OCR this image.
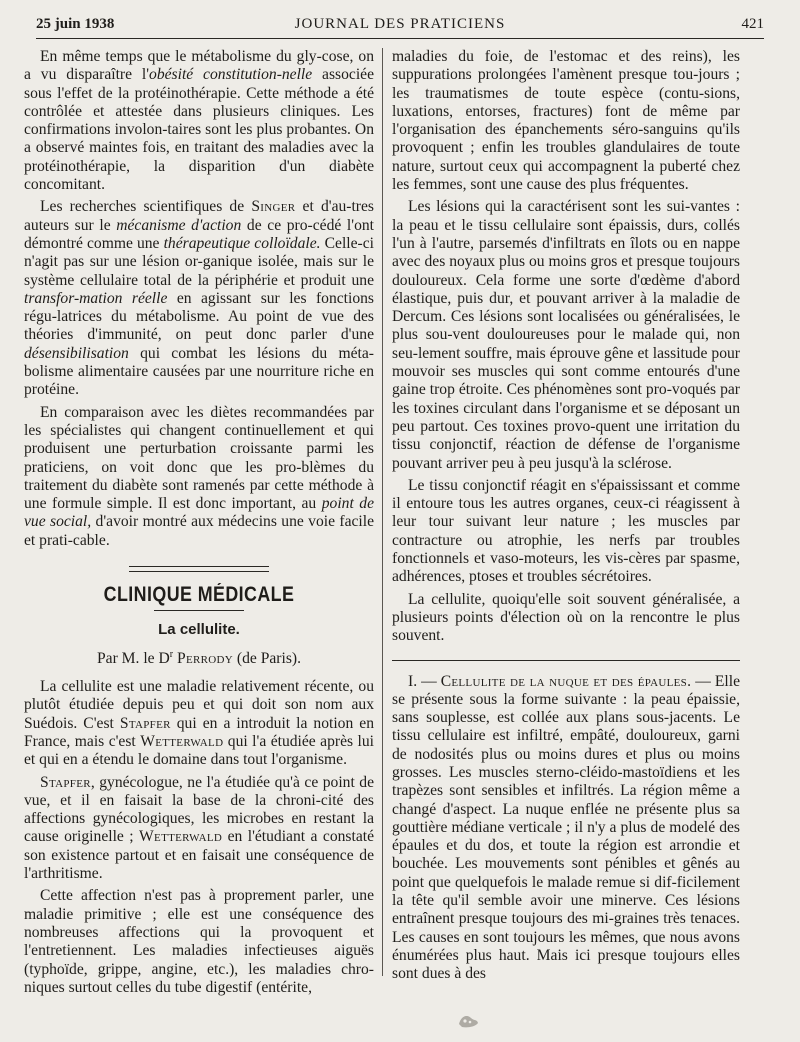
25 juin 1938	JOURNAL DES PRATICIENS	421

En même temps que le métabolisme du gly-cose, on a vu disparaître l'obésité constitution-nelle associée sous l'effet de la protéinothérapie. Cette méthode a été contrôlée et attestée dans plusieurs cliniques. Les confirmations involon-taires sont les plus probantes. On a observé maintes fois, en traitant des maladies avec la protéinothérapie, la disparition d'un diabète concomitant.

Les recherches scientifiques de Singer et d'au-tres auteurs sur le mécanisme d'action de ce pro-cédé l'ont démontré comme une thérapeutique colloïdale. Celle-ci n'agit pas sur une lésion or-ganique isolée, mais sur le système cellulaire total de la périphérie et produit une transfor-mation réelle en agissant sur les fonctions régu-latrices du métabolisme. Au point de vue des théories d'immunité, on peut donc parler d'une désensibilisation qui combat les lésions du méta-bolisme alimentaire causées par une nourriture riche en protéine.

En comparaison avec les diètes recommandées par les spécialistes qui changent continuellement et qui produisent une perturbation croissante parmi les praticiens, on voit donc que les pro-blèmes du traitement du diabète sont ramenés par cette méthode à une formule simple. Il est donc important, au point de vue social, d'avoir montré aux médecins une voie facile et prati-cable.

CLINIQUE MÉDICALE
La cellulite.
Par M. le $D^r$ Perrody (de Paris).

La cellulite est une maladie relativement récente, ou plutôt étudiée depuis peu et qui doit son nom aux Suédois. C'est Stapfer qui en a introduit la notion en France, mais c'est Wetterwald qui l'a étudiée après lui et qui en a étendu le domaine dans tout l'organisme.

Stapfer, gynécologue, ne l'a étudiée qu'à ce point de vue, et il en faisait la base de la chroni-cité des affections gynécologiques, les microbes en restant la cause originelle ; Wetterwald en l'étudiant a constaté son existence partout et en faisait une conséquence de l'arthritisme.

Cette affection n'est pas à proprement parler, une maladie primitive ; elle est une conséquence des nombreuses affections qui la provoquent et l'entretiennent. Les maladies infectieuses aiguës (typhoïde, grippe, angine, etc.), les maladies chro-niques surtout celles du tube digestif (entérite,

maladies du foie, de l'estomac et des reins), les suppurations prolongées l'amènent presque tou-jours ; les traumatismes de toute espèce (contu-sions, luxations, entorses, fractures) font de même par l'organisation des épanchements séro-sanguins qu'ils provoquent ; enfin les troubles glandulaires de toute nature, surtout ceux qui accompagnent la puberté chez les femmes, sont une cause des plus fréquentes.

Les lésions qui la caractérisent sont les sui-vantes : la peau et le tissu cellulaire sont épaissis, durs, collés l'un à l'autre, parsemés d'infiltrats en îlots ou en nappe avec des noyaux plus ou moins gros et presque toujours douloureux. Cela forme une sorte d'œdème d'abord élastique, puis dur, et pouvant arriver à la maladie de Dercum. Ces lésions sont localisées ou généralisées, le plus sou-vent douloureuses pour le malade qui, non seu-lement souffre, mais éprouve gêne et lassitude pour mouvoir ses muscles qui sont comme entourés d'une gaine trop étroite. Ces phénomènes sont pro-voqués par les toxines circulant dans l'organisme et se déposant un peu partout. Ces toxines provo-quent une irritation du tissu conjonctif, réaction de défense de l'organisme pouvant arriver peu à peu jusqu'à la sclérose.

Le tissu conjonctif réagit en s'épaississant et comme il entoure tous les autres organes, ceux-ci réagissent à leur tour suivant leur nature ; les muscles par contracture ou atrophie, les nerfs par troubles fonctionnels et vaso-moteurs, les vis-cères par spasme, adhérences, ptoses et troubles sécrétoires.

La cellulite, quoiqu'elle soit souvent généralisée, a plusieurs points d'élection où on la rencontre le plus souvent.

I. — Cellulite de la nuque et des épaules. — Elle se présente sous la forme suivante : la peau épaissie, sans souplesse, est collée aux plans sous-jacents. Le tissu cellulaire est infiltré, empâté, douloureux, garni de nodosités plus ou moins dures et plus ou moins grosses. Les muscles sterno-cléido-mastoïdiens et les trapèzes sont sensibles et infiltrés. La région même a changé d'aspect. La nuque enflée ne présente plus sa gouttière médiane verticale ; il n'y a plus de modelé des épaules et du dos, et toute la région est arrondie et bouchée. Les mouvements sont pénibles et gênés au point que quelquefois le malade remue si dif-ficilement la tête qu'il semble avoir une minerve. Ces lésions entraînent presque toujours des mi-graines très tenaces. Les causes en sont toujours les mêmes, que nous avons énumérées plus haut. Mais ici presque toujours elles sont dues à des
